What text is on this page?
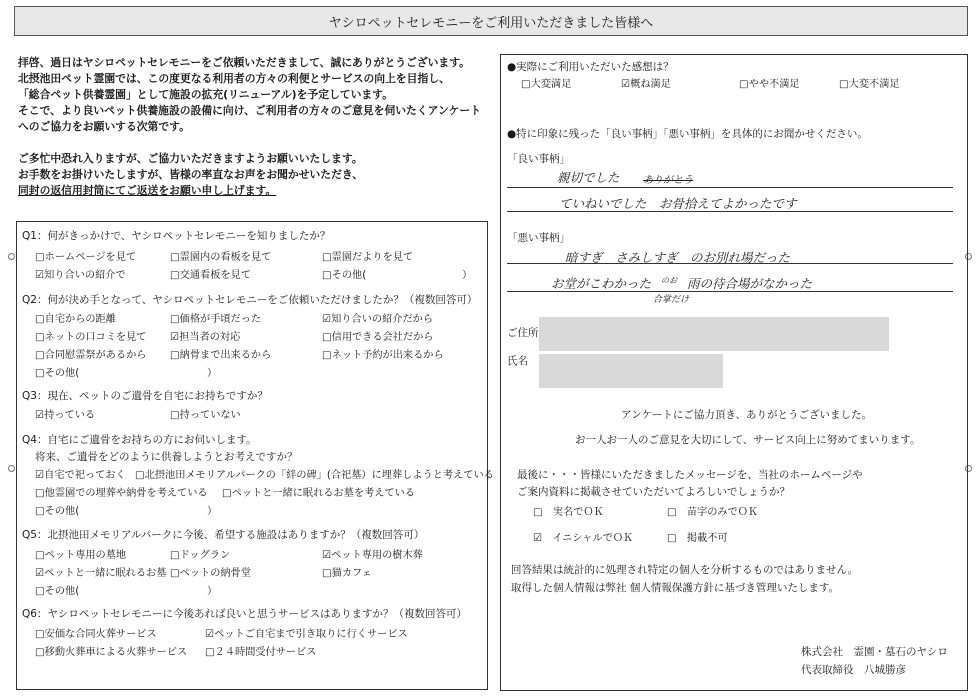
ヤシロペットセレモニーをご利用いただきました皆様へ

拝啓、過日はヤシロペットセレモニーをご依頼いただきまして、誠にありがとうございます。

北摂池田ペット霊園では、この度更なる利用者の方々の利便とサービスの向上を目指し、

「総合ペット供養霊園」として施設の拡充(リニューアル)を予定しています。

そこで、より良いペット供養施設の設備に向け、ご利用者の方々のご意見を伺いたくアンケート

へのご協力をお願いする次第です。

ご多忙中恐れ入りますが、ご協力いただきますようお願いいたします。

お手数をお掛けいたしますが、皆様の率直なお声をお聞かせいただき、

同封の返信用封筒にてご返送をお願い申し上げます。

Q1：何がきっかけで、ヤシロペットセレモニーを知りましたか？
□ホームページを見て	□霊園内の看板を見て	□霊園だよりを見て
☑知り合いの紹介で	□交通看板を見て	□その他(	）
Q2：何が決め手となって、ヤシロペットセレモニーをご依頼いただけましたか？（複数回答可）
□自宅からの距離	□価格が手頃だった	☑知り合いの紹介だから
□ネットの口コミを見て ☑担当者の対応	□信用できる会社だから
□合同慰霊祭があるから □納骨まで出来るから	□ネット予約が出来るから
□その他(	）
Q3：現在、ペットのご遺骨を自宅にお持ちですか？
☑持っている	□持っていない
Q4：自宅にご遺骨をお持ちの方にお伺いします。
将来、ご遺骨をどのように供養しようとお考えですか？
☑自宅で祀っておく □北摂池田メモリアルパークの「絆の碑」(合祀墓）に埋葬しようと考えている
□他霊園での埋葬や納骨を考えている □ペットと一緒に眠れるお墓を考えている
□その他(	）
Q5：北摂池田メモリアルパークに今後、希望する施設はありますか？（複数回答可）
□ペット専用の墓地	□ドッグラン	☑ペット専用の樹木葬
☑ペットと一緒に眠れるお墓 □ペットの納骨堂	□猫カフェ
□その他(	）
Q6：ヤシロペットセレモニーに今後あれば良いと思うサービスはありますか？（複数回答可）
□安価な合同火葬サービス	☑ペットご自宅まで引き取りに行くサービス
□移動火葬車による火葬サービス □２４時間受付サービス
●実際にご利用いただいた感想は？
□大変満足	☑概ね満足	□やや不満足	□大変不満足
●特に印象に残った「良い事柄」「悪い事柄」を具体的にお聞かせください。
「良い事柄」
親切でした ありがとう
ていねいでした　お骨拾えてよかったです
「悪い事柄」
暗すぎ　さみしすぎ　のお別れ場だった
お堂がこわかった のお 雨の待合場がなかった
合掌だけ
ご住所
氏名
アンケートにご協力頂き、ありがとうございました。
お一人お一人のご意見を大切にして、サービス向上に努めてまいります。
最後に・・・皆様にいただきましたメッセージを、当社のホームページや
ご案内資料に掲載させていただいてよろしいでしょうか？
□　実名でＯＫ	□　苗字のみでＯＫ
☑　イニシャルでＯＫ	□　掲載不可
回答結果は統計的に処理され特定の個人を分析するものではありません。
取得した個人情報は弊社 個人情報保護方針に基づき管理いたします。
株式会社　霊園・墓石のヤシロ
代表取締役　八城勝彦
